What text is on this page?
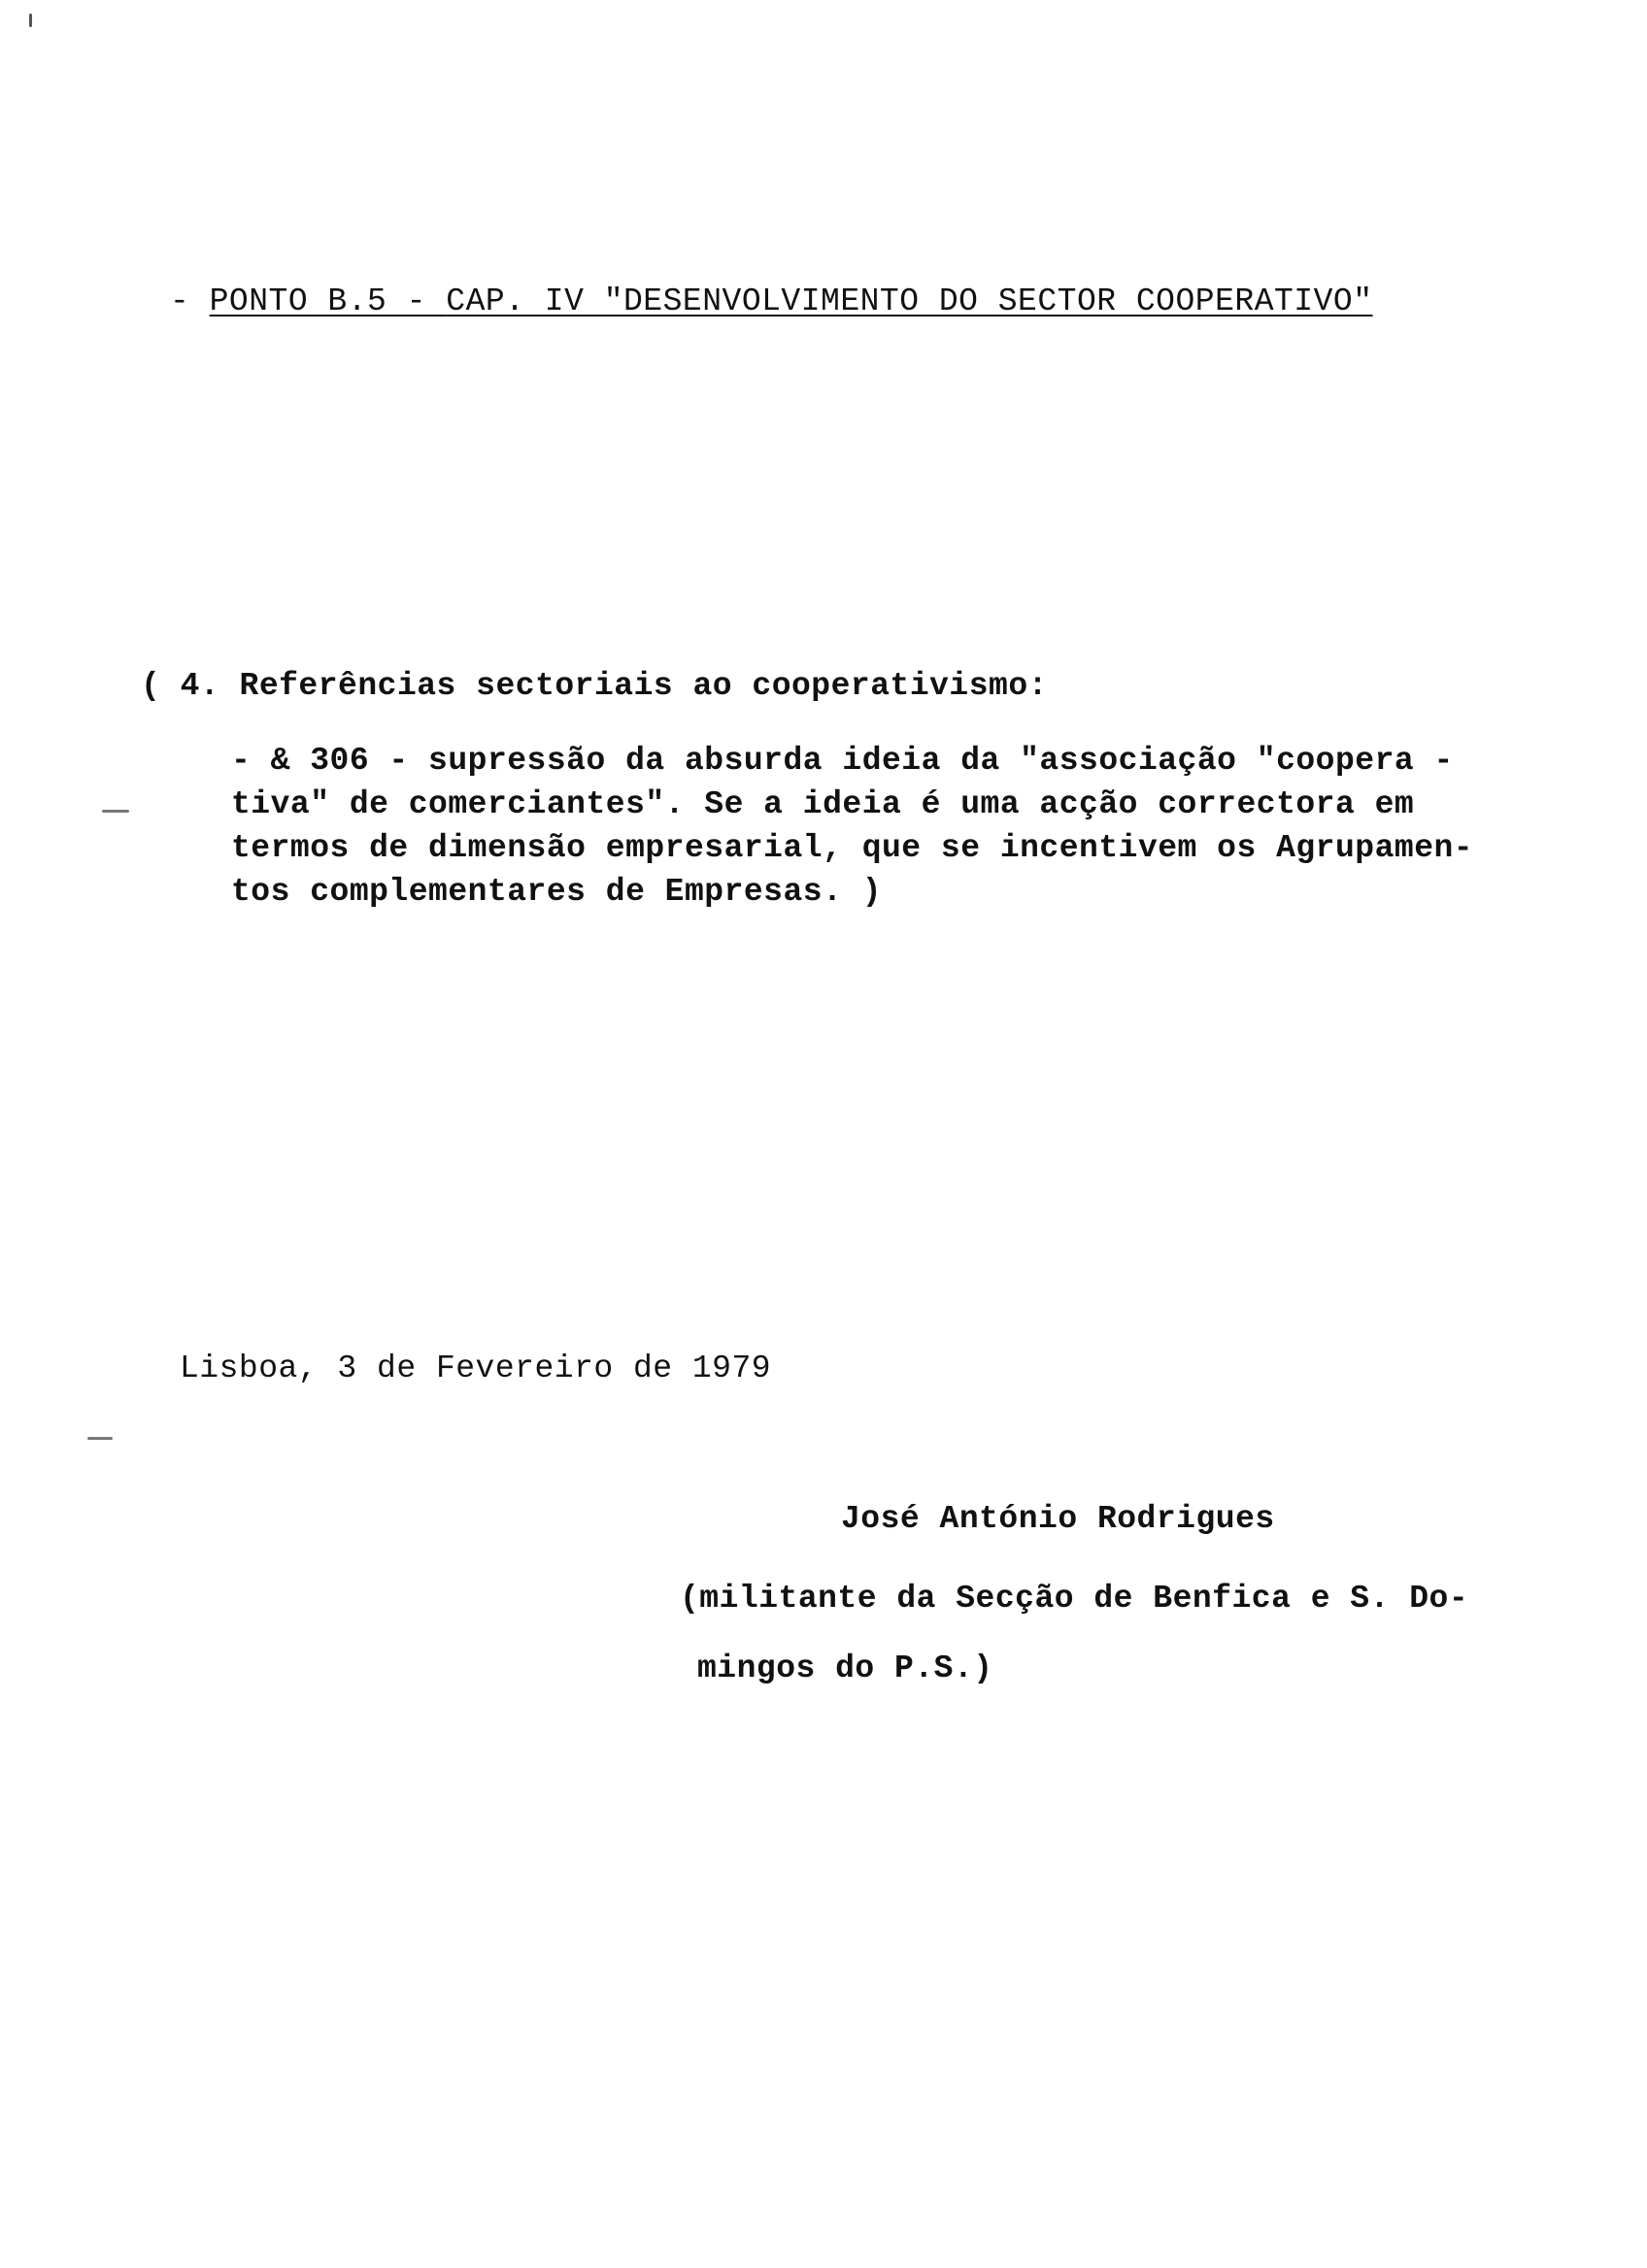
- PONTO B.5 - CAP. IV "DESENVOLVIMENTO DO SECTOR COOPERATIVO"
( 4. Referências sectoriais ao cooperativismo:
- & 306 - supressão da absurda ideia da "associação "coopera -
tiva" de comerciantes". Se a ideia é uma acção correctora em
termos de dimensão empresarial, que se incentivem os Agrupamen-
tos complementares de Empresas. )
Lisboa, 3 de Fevereiro de 1979
José António Rodrigues
(militante da Secção de Benfica e S. Do-
mingos do P.S.)
